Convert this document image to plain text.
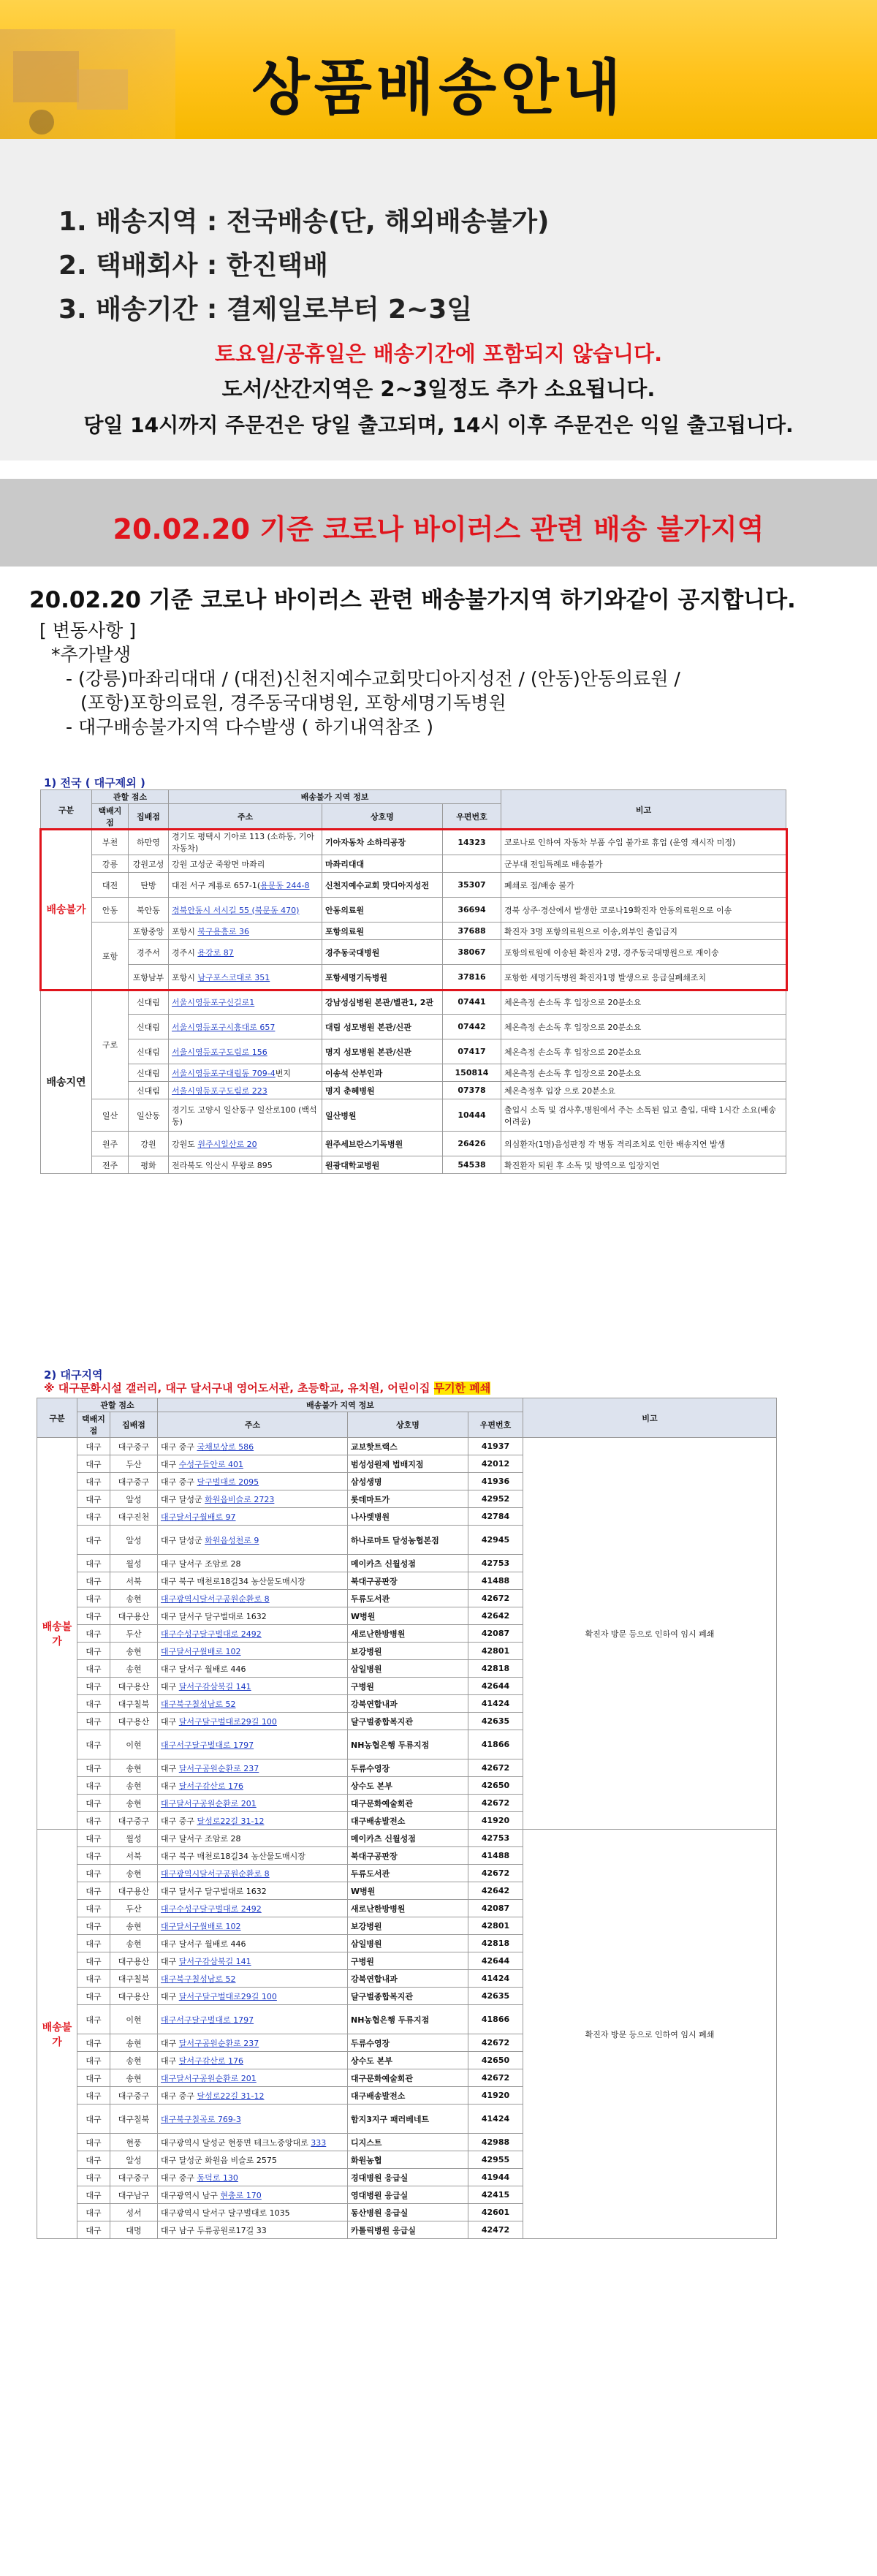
상품배송안내
1. 배송지역 : 전국배송(단, 해외배송불가)
2. 택배회사 : 한진택배
3. 배송기간 : 결제일로부터 2~3일
토요일/공휴일은 배송기간에 포함되지 않습니다.
도서/산간지역은 2~3일정도 추가 소요됩니다.
당일 14시까지 주문건은 당일 출고되며, 14시 이후 주문건은 익일 출고됩니다.
20.02.20 기준 코로나 바이러스 관련 배송 불가지역
20.02.20 기준 코로나 바이러스 관련 배송불가지역 하기와같이 공지합니다.
[ 변동사항 ]
*추가발생
- (강릉)마좌리대대 / (대전)신천지예수교회맛디아지성전 / (안동)안동의료원 /
(포항)포항의료원, 경주동국대병원, 포항세명기독병원
- 대구배송불가지역 다수발생 ( 하기내역참조 )
1) 전국 ( 대구제외 )
구분	관할 점소		배송불가 지역 정보			비고
	택배지점	집배점	주소	상호명	우편번호	
배송불가	부천	하만영	경기도 평택시 기아로 113 (소하동, 기아자동차)	기아자동차 소하리공장	14323	코로나로 인하여 자동차 부품 수입 불가로 휴업 (운영 재시작 미정)
	강릉	강원고성	강원 고성군 죽왕면 마좌리	마좌리대대		군부대 전입특례로 배송불가
	대전	탄방	대전 서구 계룡로 657-1(용문동 244-8	신천지예수교회 맛디아지성전	35307	폐쇄로 접/배송 불가
	안동	북안동	경북안동시 서시길 55 (북문동 470)	안동의료원	36694	경북 상주·경산에서 발생한 코로나19확진자 안동의료원으로 이송
	포항	포항중앙	포항시 북구용흥로 36	포항의료원	37688	확진자 3명 포항의료원으로 이송,외부인 출입금지
		경주서	경주시 용강로 87	경주동국대병원	38067	포항의료원에 이송된 확진자 2명, 경주동국대병원으로 재이송
		포항남부	포항시 남구포스코대로 351	포항세명기독병원	37816	포항한 세명기독병원 확진자1명 발생으로 응급실폐쇄조치
배송지연	구로	신대림	서울시영등포구신길로1	강남성심병원 본관/별관1, 2관	07441	체온측정 손소독 후 입장으로 20분소요
		신대림	서울시영등포구시흥대로 657	대림 성모병원 본관/신관	07442	체온측정 손소독 후 입장으로 20분소요
		신대림	서울시영등포구도림로 156	명지 성모병원 본관/신관	07417	체온측정 손소독 후 입장으로 20분소요
		신대림	서울시영등포구대림동 709-4번지	이송석 산부인과	150814	체온측정 손소독 후 입장으로 20분소요
		신대림	서울시영등포구도림로 223	명지 춘혜병원	07378	체온측정후 입장 으로 20분소요
	일산	일산동	경기도 고양시 일산동구 일산로100 (백석동)	일산병원	10444	출입시 소독 및 검사후,병원에서 주는 소독된 입고 출입, 대략 1시간 소요(배송 어려움)
	원주	강원	강원도 원주시일산로 20	원주세브란스기독병원	26426	의심환자(1명)음성판정 각 병동 격리조치로 인한 배송지연 발생
	전주	평화	전라북도 익산시 무왕로 895	원광대학교병원	54538	확진환자 퇴원 후 소독 및 방역으로 입장지연
2) 대구지역
※ 대구문화시설 갤러리, 대구 달서구내 영어도서관, 초등학교, 유치원, 어린이집 무기한 폐쇄
구분	관할 점소		배송불가 지역 정보			비고
	택배지점	집배점	주소	상호명	우편번호	
배송불가	대구	대구중구	대구 중구 국채보상로 586	교보핫트랙스	41937	확진자 방문 등으로 인하여 임시 폐쇄
	대구	두산	대구 수성구들안로 401	범성성원제 법배지점	42012	
	대구	대구중구	대구 중구 달구벌대로 2095	삼성생명	41936	
	대구	알성	대구 달성군 화원읍비슬로 2723	롯데마트가	42952	
	대구	대구진천	대구달서구월배로 97	나사렛병원	42784	
	대구	알성	대구 달성군 화원읍성천로 9	하나로마트 달성농협본점	42945	
	대구	월성	대구 달서구 조암로 28	메이카츠 신월성점	42753	
	대구	서북	대구 북구 매천로18길34 농산물도매시장	북대구공판장	41488	
	대구	송현	대구광역시달서구공원순환로 8	두류도서관	42672	
	대구	대구용산	대구 달서구 달구벌대로 1632	W병원	42642	
	대구	두산	대구수성구달구벌대로 2492	새로난한방병원	42087	
	대구	송현	대구달서구월배로 102	보강병원	42801	
	대구	송현	대구 달서구 월배로 446	삼일병원	42818	
	대구	대구용산	대구 달서구감삼북길 141	구병원	42644	
	대구	대구칠북	대구북구칠성남로 52	강북연합내과	41424	
	대구	대구용산	대구 달서구달구벌대로29길 100	달구벌종합복지관	42635	
	대구	이현	대구서구달구벌대로 1797	NH농협은행 두류지점	41866	
	대구	송현	대구 달서구공원순환로 237	두류수영장	42672	
	대구	송현	대구 달서구감산로 176	상수도 본부	42650	
	대구	송현	대구달서구공원순환로 201	대구문화예술회관	42672	
	대구	대구중구	대구 중구 달성로22길 31-12	대구배송발전소	41920	
배송불가	대구	월성	대구 달서구 조암로 28	메이카츠 신월성점	42753	확진자 방문 등으로 인하여 임시 폐쇄
	대구	서북	대구 북구 매천로18길34 농산물도매시장	북대구공판장	41488	
	대구	송현	대구광역시달서구공원순환로 8	두류도서관	42672	
	대구	대구용산	대구 달서구 달구벌대로 1632	W병원	42642	
	대구	두산	대구수성구달구벌대로 2492	새로난한방병원	42087	
	대구	송현	대구달서구월배로 102	보강병원	42801	
	대구	송현	대구 달서구 월배로 446	삼일병원	42818	
	대구	대구용산	대구 달서구감삼북길 141	구병원	42644	
	대구	대구칠북	대구북구칠성남로 52	강북연합내과	41424	
	대구	대구용산	대구 달서구달구벌대로29길 100	달구벌종합복지관	42635	
	대구	이현	대구서구달구벌대로 1797	NH농협은행 두류지점	41866	
	대구	송현	대구 달서구공원순환로 237	두류수영장	42672	
	대구	송현	대구 달서구감산로 176	상수도 본부	42650	
	대구	송현	대구달서구공원순환로 201	대구문화예술회관	42672	
	대구	대구중구	대구 중구 달성로22길 31-12	대구배송발전소	41920	
	대구	대구칠북	대구북구칠곡로 769-3	함지3지구 패러베네트	41424	
	대구	현풍	대구광역시 달성군 현풍면 테크노중앙대로 333	디지스트	42988	
	대구	알성	대구 달성군 화원읍 비슬로 2575	화원농협	42955	
	대구	대구중구	대구 중구 동덕로 130	경대병원 응급실	41944	
	대구	대구남구	대구광역시 남구 현충로 170	영대병원 응급실	42415	
	대구	성서	대구광역시 달서구 달구벌대로 1035	동산병원 응급실	42601	
	대구	대명	대구 남구 두류공원로17길 33	카톨릭병원 응급실	42472	
